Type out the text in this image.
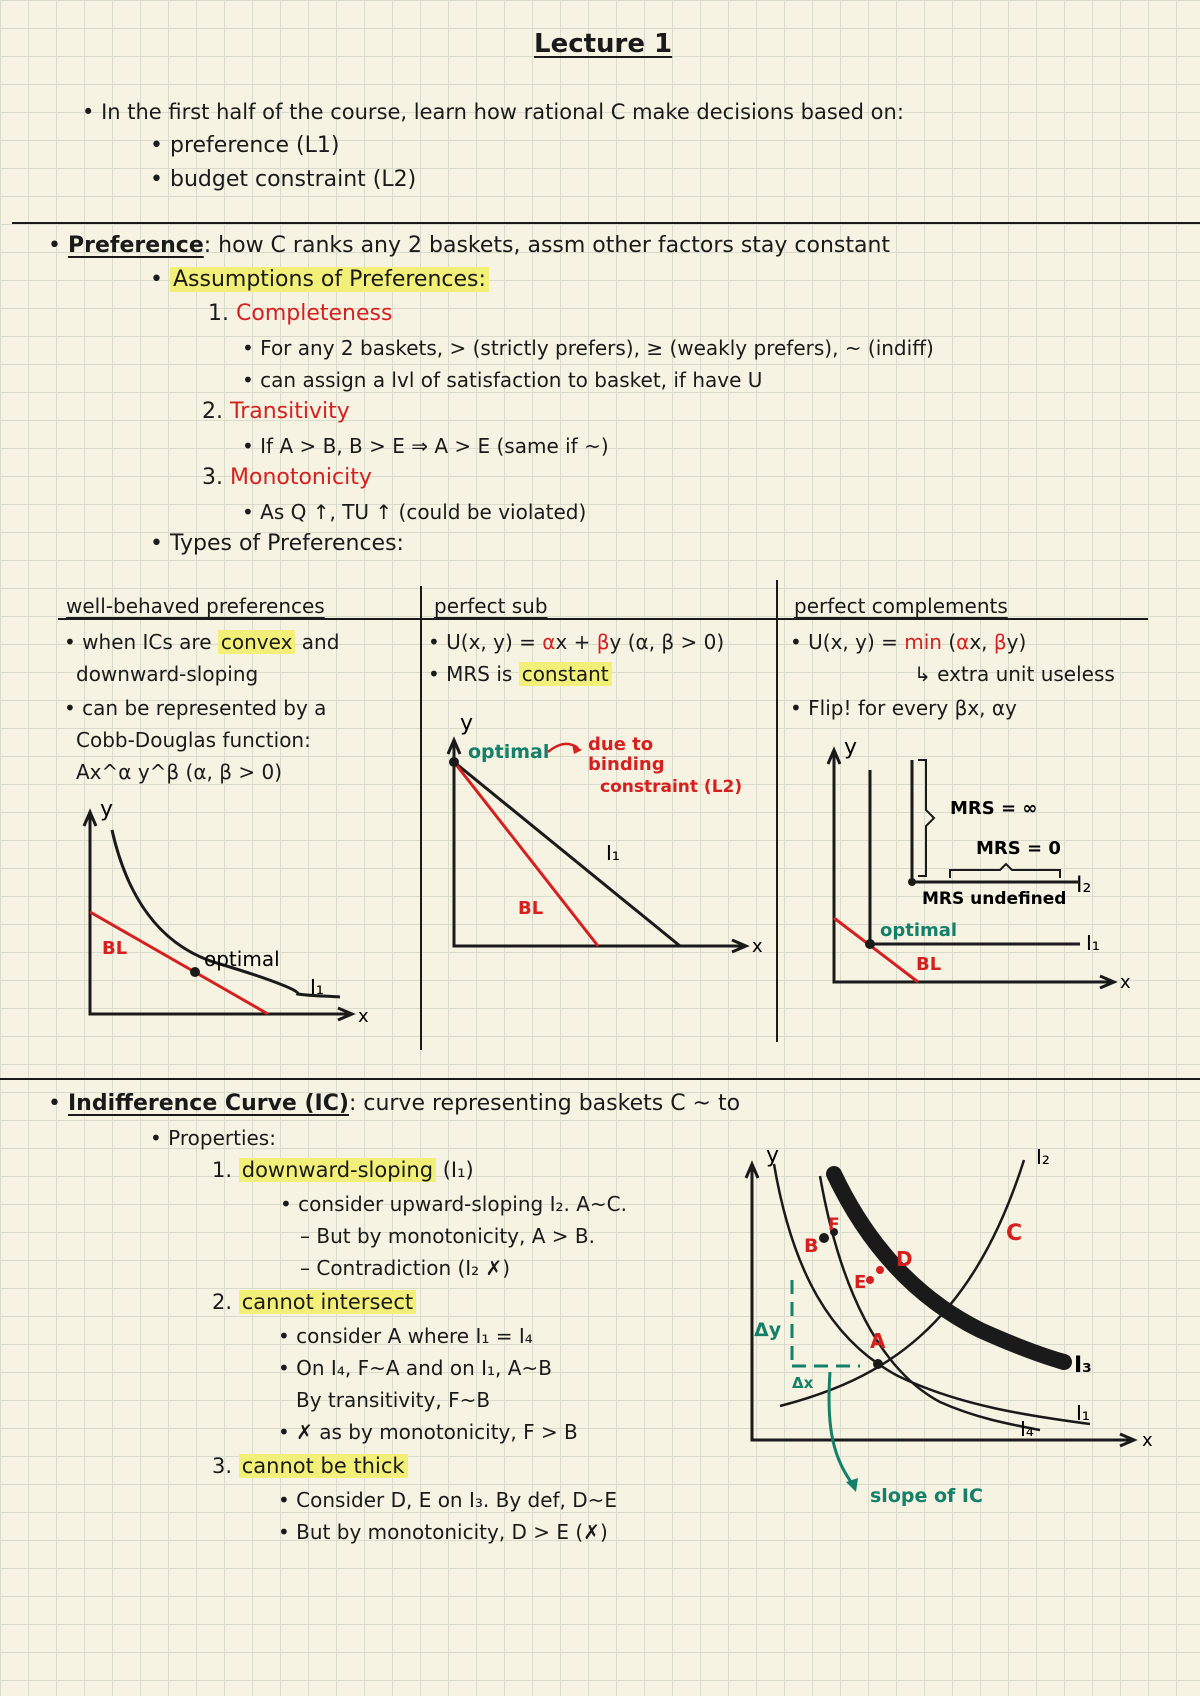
Lecture 1
• In the first half of the course, learn how rational C make decisions based on:
• preference (L1)
• budget constraint (L2)
• Preference: how C ranks any 2 baskets, assm other factors stay constant
• Assumptions of Preferences:
1. Completeness
• For any 2 baskets, > (strictly prefers), ≥ (weakly prefers), ~ (indiff)
• can assign a lvl of satisfaction to basket, if have U
2. Transitivity
• If A > B, B > E ⇒ A > E (same if ~)
3. Monotonicity
• As Q ↑, TU ↑ (could be violated)
• Types of Preferences:
well-behaved preferences
• when ICs are convex and
downward-sloping
• can be represented by a
Cobb-Douglas function:
Ax^α y^β (α, β > 0)
y
x
BL	optimal
I₁
perfect sub
• U(x, y) = αx + βy (α, β > 0)
• MRS is constant
y
x
optimal due to
binding
constraint (L2)
I₁
BL
perfect complements
• U(x, y) = min (αx, βy)
↳ extra unit useless
• Flip! for every βx, αy
y
x
MRS = ∞
MRS = 0
MRS undefined
I₂
I₁
optimal
BL
• Indifference Curve (IC): curve representing baskets C ~ to
• Properties:
1. downward-sloping (I₁)
• consider upward-sloping I₂. A~C.
– But by monotonicity, A > B.
– Contradiction (I₂ ✗)
2. cannot intersect
• consider A where I₁ = I₄
• On I₄, F~A and on I₁, A~B
By transitivity, F~B
• ✗ as by monotonicity, F > B
3. cannot be thick
• Consider D, E on I₃. By def, D~E
• But by monotonicity, D > E (✗)
y
x
I₂
I₃
I₁
I₄
A
B	C
D
E
F
Δy
Δx
slope of IC
